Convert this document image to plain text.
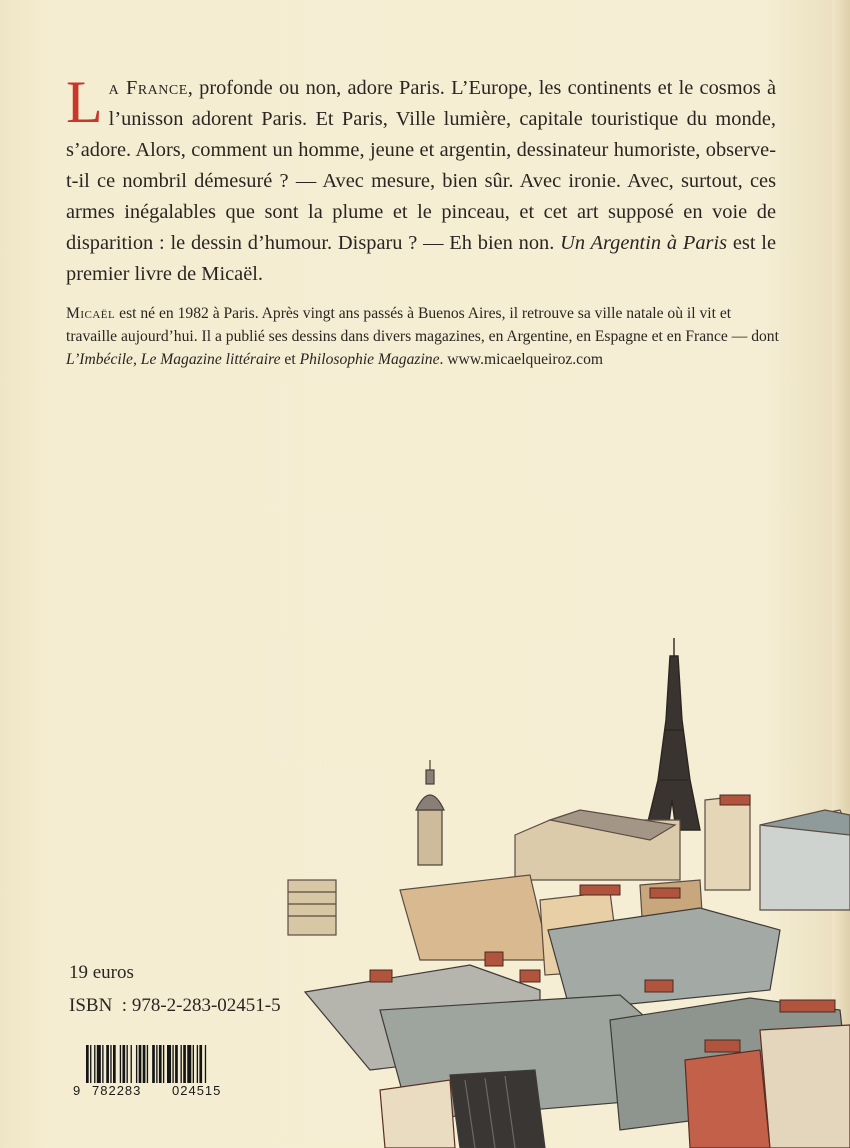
La France, profonde ou non, adore Paris. L’Europe, les continents et le cosmos à l’unisson adorent Paris. Et Paris, Ville lumière, capitale touristique du monde, s’adore. Alors, comment un homme, jeune et argentin, dessinateur humoriste, observe-t-il ce nombril démesuré ? — Avec mesure, bien sûr. Avec ironie. Avec, surtout, ces armes inégalables que sont la plume et le pinceau, et cet art supposé en voie de disparition : le dessin d’humour. Disparu ? — Eh bien non. Un Argentin à Paris est le premier livre de Micaël.

Micaël est né en 1982 à Paris. Après vingt ans passés à Buenos Aires, il retrouve sa ville natale où il vit et travaille aujourd’hui. Il a publié ses dessins dans divers magazines, en Argentine, en Espagne et en France — dont L’Imbécile, Le Magazine littéraire et Philosophie Magazine. www.micaelqueiroz.com

19 euros
ISBN  : 978-2-283-02451-5
9 782283 024515
